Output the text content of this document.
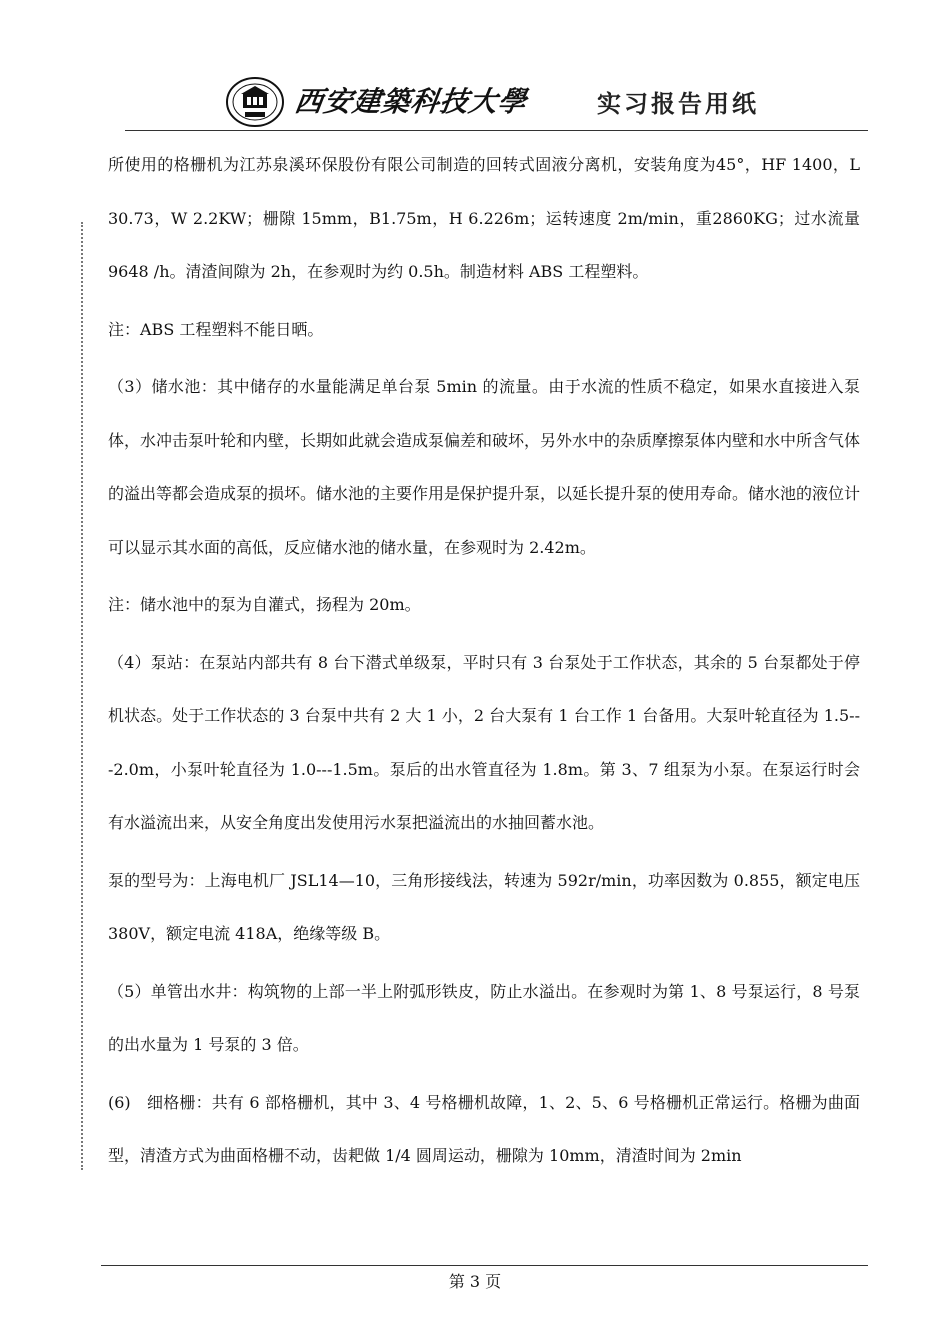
西安建築科技大學	实习报告用纸

所使用的格栅机为江苏泉溪环保股份有限公司制造的回转式固液分离机，安装角度为45°，HF 1400，L 30.73，W 2.2KW；栅隙 15mm，B1.75m，H 6.226m；运转速度 2m/min，重2860KG；过水流量 9648 /h。清渣间隙为 2h，在参观时为约 0.5h。制造材料 ABS 工程塑料。

注：ABS 工程塑料不能日晒。

（3）储水池：其中储存的水量能满足单台泵 5min 的流量。由于水流的性质不稳定，如果水直接进入泵体，水冲击泵叶轮和内壁，长期如此就会造成泵偏差和破坏，另外水中的杂质摩擦泵体内壁和水中所含气体的溢出等都会造成泵的损坏。储水池的主要作用是保护提升泵，以延长提升泵的使用寿命。储水池的液位计可以显示其水面的高低，反应储水池的储水量，在参观时为 2.42m。

注：储水池中的泵为自灌式，扬程为 20m。

（4）泵站：在泵站内部共有 8 台下潜式单级泵，平时只有 3 台泵处于工作状态，其余的 5 台泵都处于停机状态。处于工作状态的 3 台泵中共有 2 大 1 小，2 台大泵有 1 台工作 1 台备用。大泵叶轮直径为 1.5---2.0m，小泵叶轮直径为 1.0---1.5m。泵后的出水管直径为 1.8m。第 3、7 组泵为小泵。在泵运行时会有水溢流出来，从安全角度出发使用污水泵把溢流出的水抽回蓄水池。

泵的型号为：上海电机厂 JSL14—10，三角形接线法，转速为 592r/min，功率因数为 0.855，额定电压 380V，额定电流 418A，绝缘等级 B。

（5）单管出水井：构筑物的上部一半上附弧形铁皮，防止水溢出。在参观时为第 1、8 号泵运行，8 号泵的出水量为 1 号泵的 3 倍。

(6)　细格栅：共有 6 部格栅机，其中 3、4 号格栅机故障，1、2、5、6 号格栅机正常运行。格栅为曲面型，清渣方式为曲面格栅不动，齿耙做 1/4 圆周运动，栅隙为 10mm，清渣时间为 2min

第 3 页
